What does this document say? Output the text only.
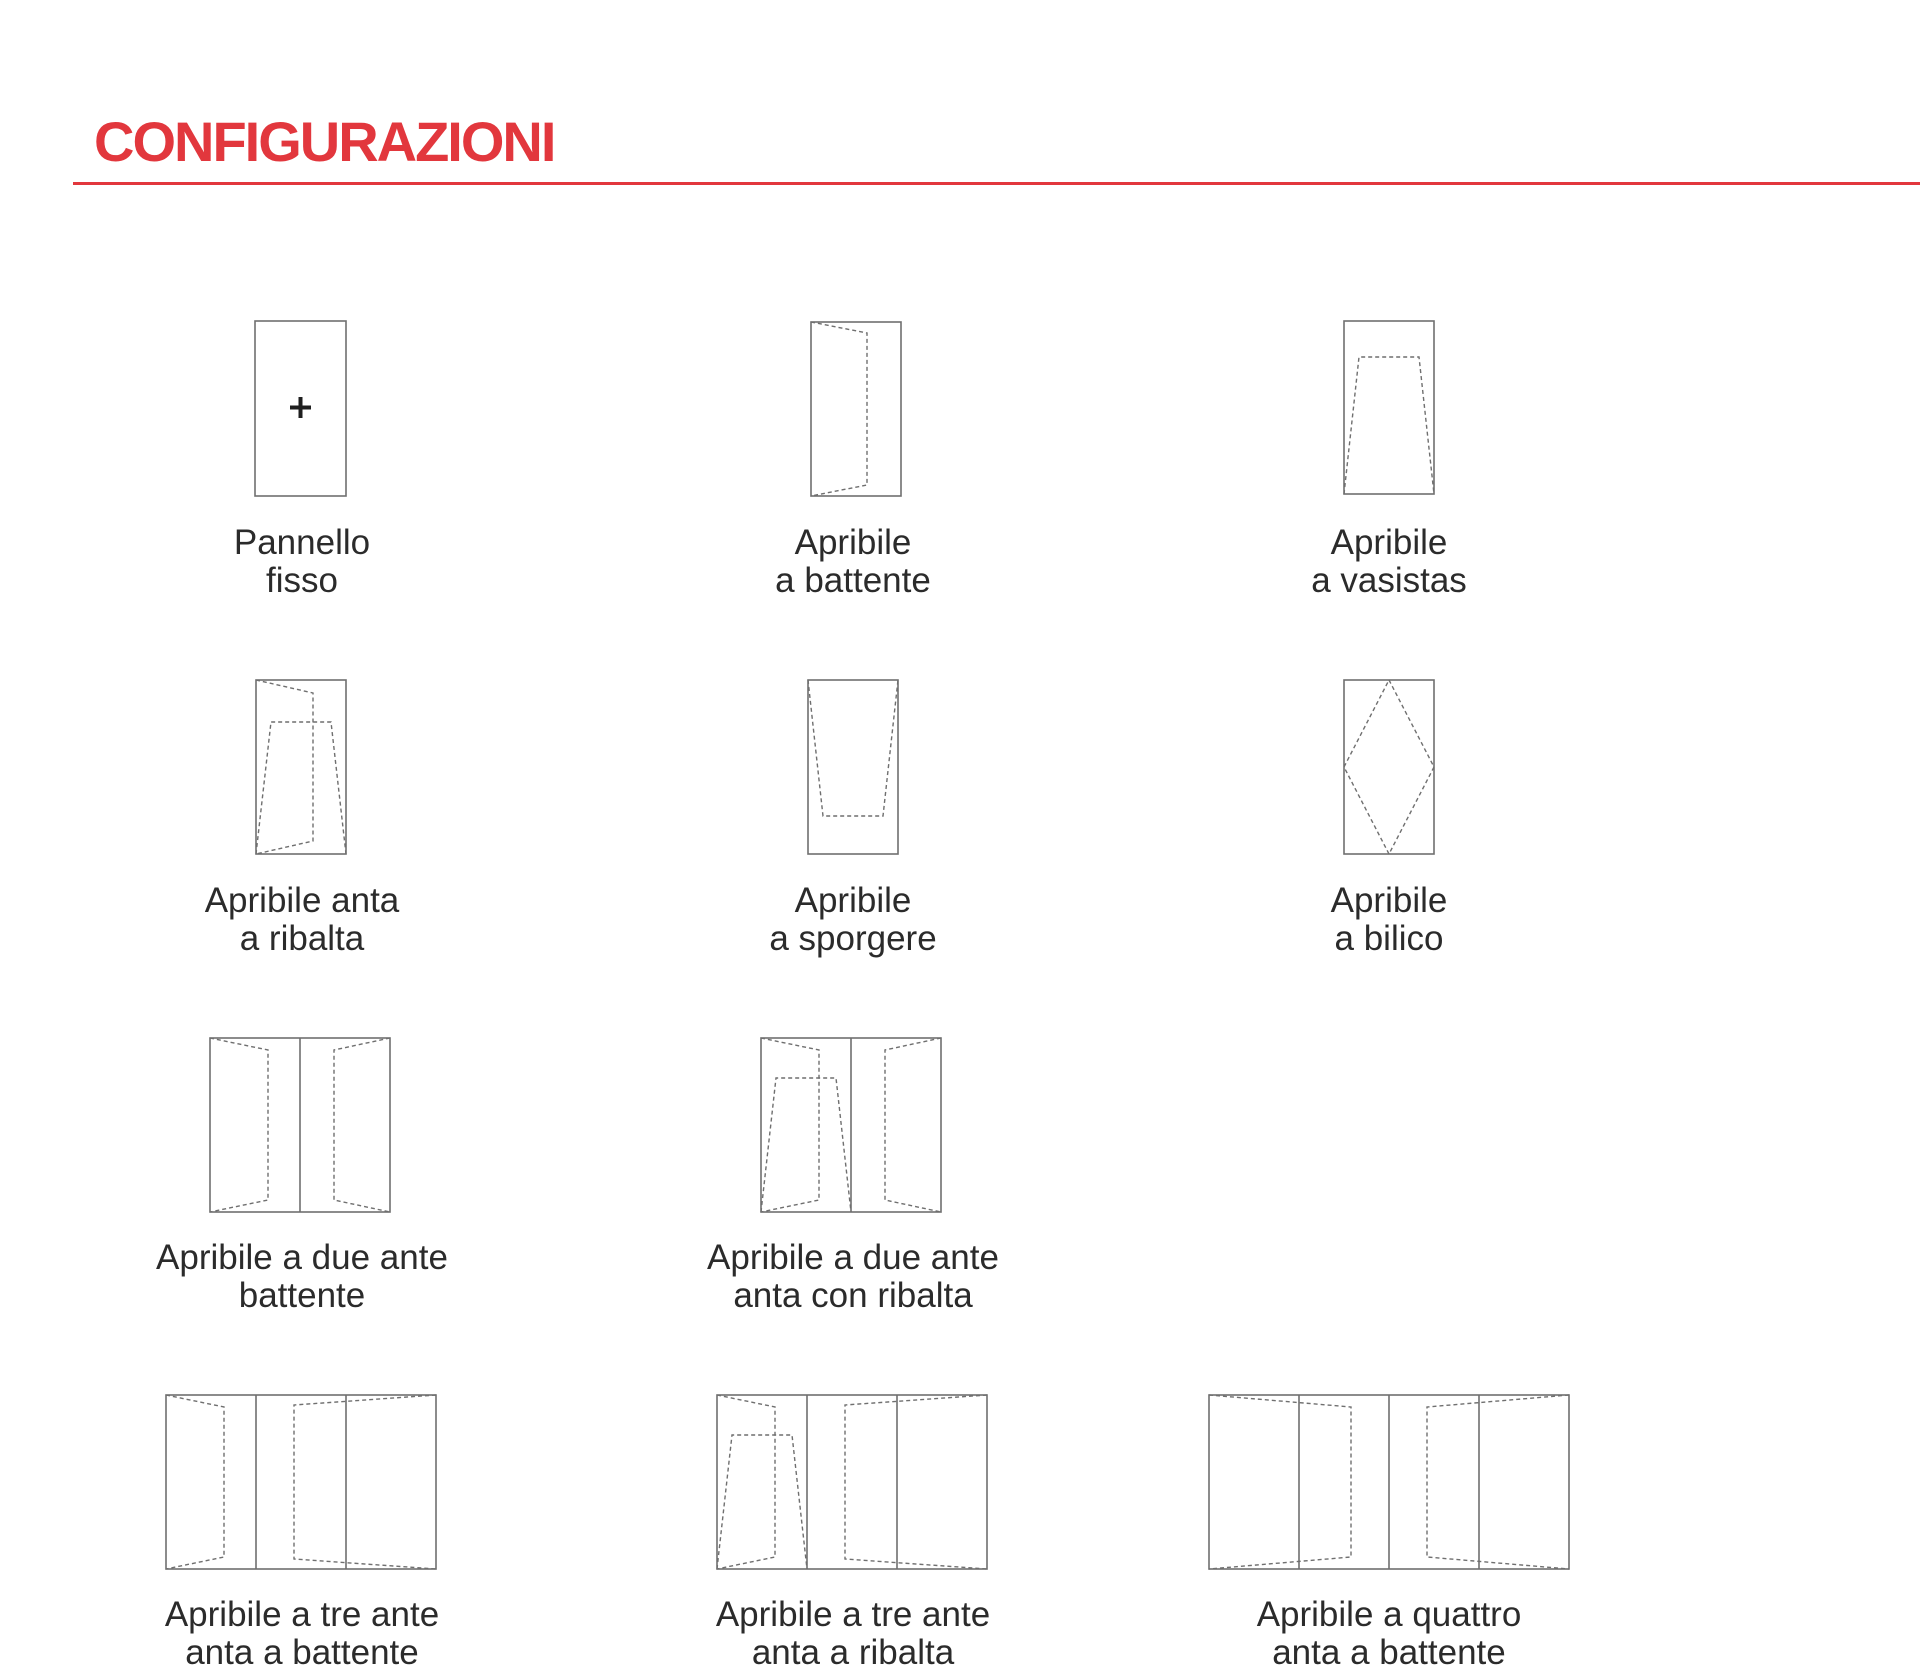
CONFIGURAZIONI
Pannello
fisso
Apribile
a battente
Apribile
a vasistas
Apribile anta
a ribalta
Apribile
a sporgere
Apribile
a bilico
Apribile a due ante
battente
Apribile a due ante
anta con ribalta
Apribile a tre ante
anta a battente
Apribile a tre ante
anta a ribalta
Apribile a quattro
anta a battente
